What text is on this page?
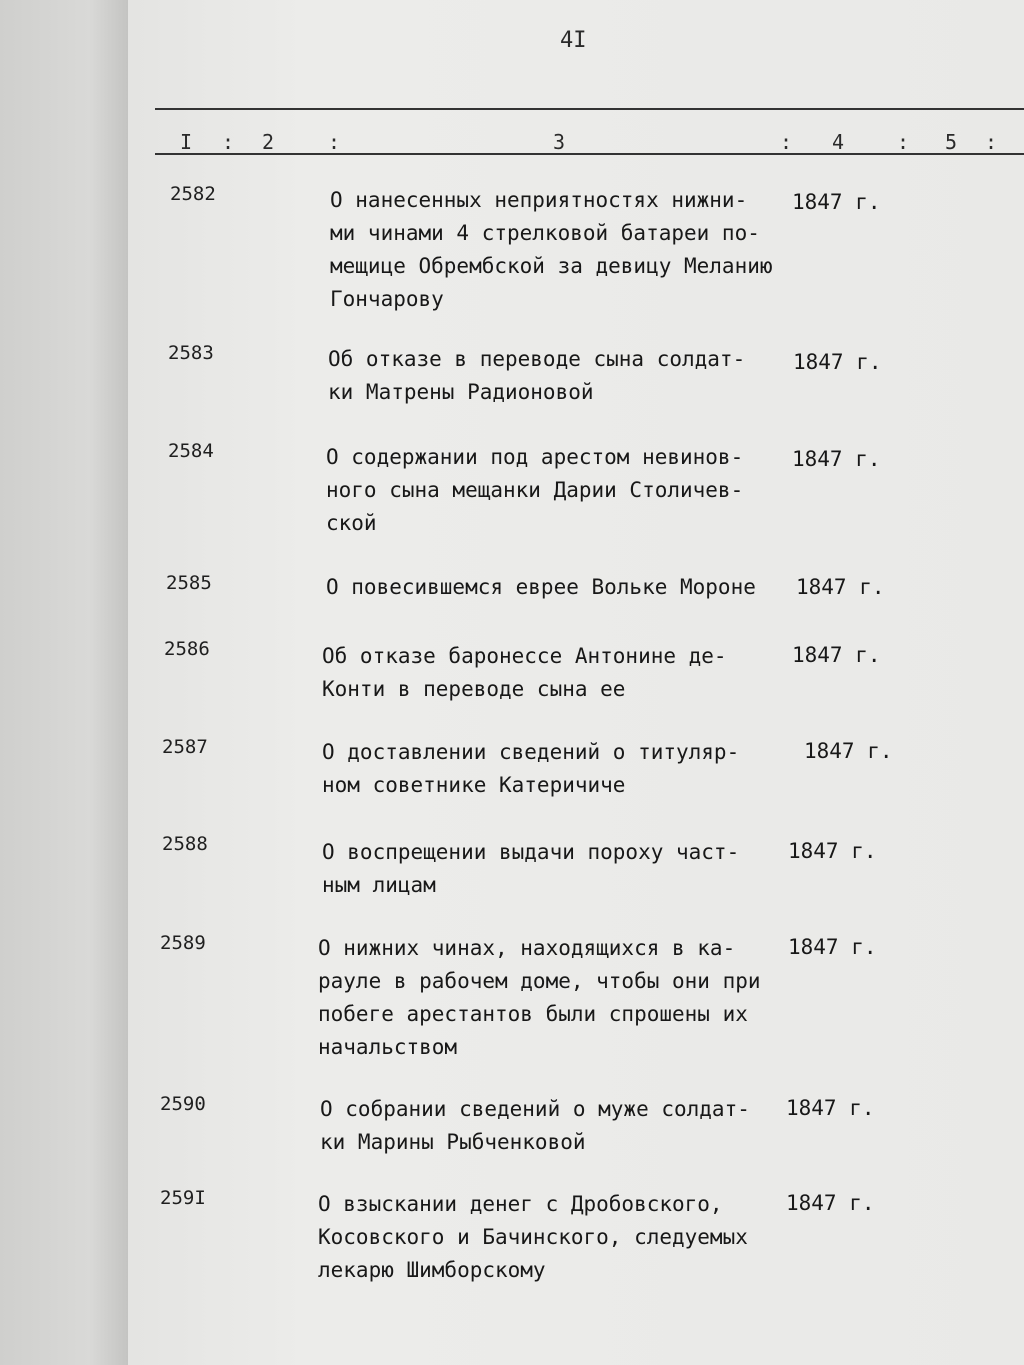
4I
I : 2	:	3	: 4	: 5 :
2582	О нанесенных неприятностях нижни-
ми чинами 4 стрелковой батареи по-
мещице Обрембской за девицу Меланию
Гончарову
1847 г.
2583	Об отказе в переводе сына солдат-
ки Матрены Радионовой
1847 г.
2584	О содержании под арестом невинов-
ного сына мещанки Дарии Столичев-
ской
1847 г.
2585	О повесившемся еврее Вольке Мороне 1847 г.
2586	Об отказе баронессе Антонине де-
Конти в переводе сына ее
1847 г.
2587	О доставлении сведений о титуляр-
ном советнике Катеричиче
1847 г.
2588	О воспрещении выдачи пороху част-
ным лицам
1847 г.
2589	О нижних чинах, находящихся в ка-
рауле в рабочем доме, чтобы они при
побеге арестантов были спрошены их
начальством
1847 г.
2590	О собрании сведений о муже солдат-
ки Марины Рыбченковой
1847 г.
259I	О взыскании денег с Дробовского,
Косовского и Бачинского, следуемых
лекарю Шимборскому
1847 г.
